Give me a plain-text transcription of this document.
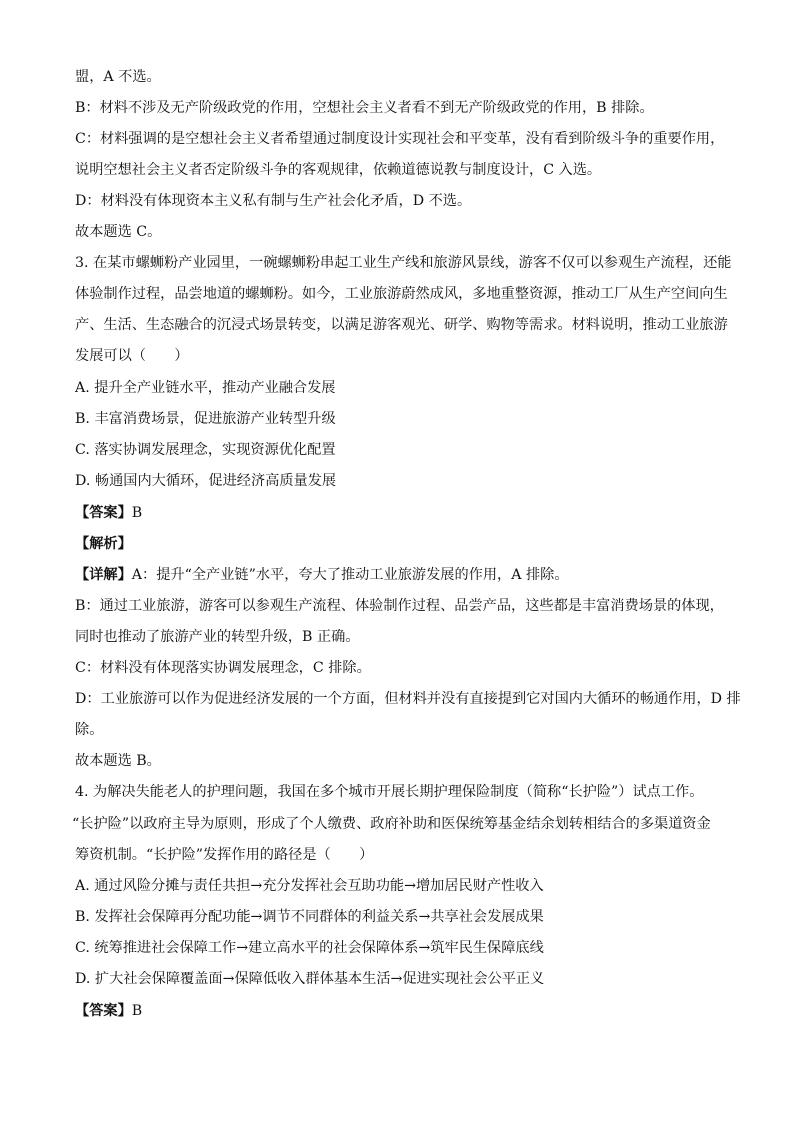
盟，A 不选。
B：材料不涉及无产阶级政党的作用，空想社会主义者看不到无产阶级政党的作用，B 排除。
C：材料强调的是空想社会主义者希望通过制度设计实现社会和平变革，没有看到阶级斗争的重要作用，
说明空想社会主义者否定阶级斗争的客观规律，依赖道德说教与制度设计，C 入选。
D：材料没有体现资本主义私有制与生产社会化矛盾，D 不选。
故本题选 C。
3. 在某市螺蛳粉产业园里，一碗螺蛳粉串起工业生产线和旅游风景线，游客不仅可以参观生产流程，还能
体验制作过程，品尝地道的螺蛳粉。如今，工业旅游蔚然成风，多地重整资源，推动工厂从生产空间向生
产、生活、生态融合的沉浸式场景转变，以满足游客观光、研学、购物等需求。材料说明，推动工业旅游
发展可以（　　）
A. 提升全产业链水平，推动产业融合发展
B. 丰富消费场景，促进旅游产业转型升级
C. 落实协调发展理念，实现资源优化配置
D. 畅通国内大循环，促进经济高质量发展
【答案】B
【解析】
【详解】A：提升“全产业链”水平，夸大了推动工业旅游发展的作用，A 排除。
B：通过工业旅游，游客可以参观生产流程、体验制作过程、品尝产品，这些都是丰富消费场景的体现，
同时也推动了旅游产业的转型升级，B 正确。
C：材料没有体现落实协调发展理念，C 排除。
D：工业旅游可以作为促进经济发展的一个方面，但材料并没有直接提到它对国内大循环的畅通作用，D 排
除。
故本题选 B。
4. 为解决失能老人的护理问题，我国在多个城市开展长期护理保险制度（简称“长护险”）试点工作。
“长护险”以政府主导为原则，形成了个人缴费、政府补助和医保统筹基金结余划转相结合的多渠道资金
筹资机制。“长护险”发挥作用的路径是（　　）
A. 通过风险分摊与责任共担→充分发挥社会互助功能→增加居民财产性收入
B. 发挥社会保障再分配功能→调节不同群体的利益关系→共享社会发展成果
C. 统筹推进社会保障工作→建立高水平的社会保障体系→筑牢民生保障底线
D. 扩大社会保障覆盖面→保障低收入群体基本生活→促进实现社会公平正义
【答案】B
